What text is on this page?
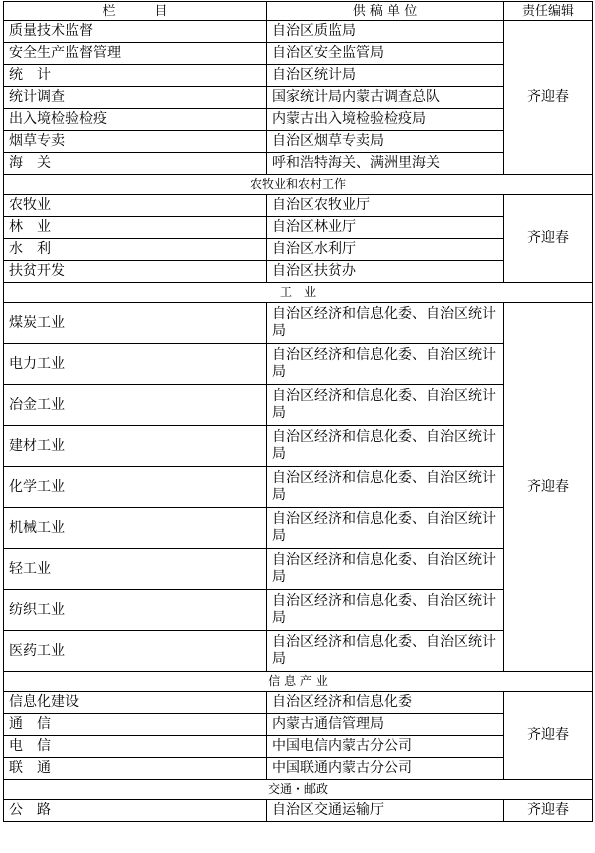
栏　　　目	供 稿 单 位	责任编辑
质量技术监督	自治区质监局	齐迎春
安全生产监督管理	自治区安全监管局	
统　计	自治区统计局	
统计调查	国家统计局内蒙古调查总队	
出入境检验检疫	内蒙古出入境检验检疫局	
烟草专卖	自治区烟草专卖局	
海　关	呼和浩特海关、满洲里海关	
农牧业和农村工作		
农牧业	自治区农牧业厅	齐迎春
林　业	自治区林业厅	
水　利	自治区水利厅	
扶贫开发	自治区扶贫办	
工　业		
煤炭工业	自治区经济和信息化委、自治区统计局	齐迎春
电力工业	自治区经济和信息化委、自治区统计局	
冶金工业	自治区经济和信息化委、自治区统计局	
建材工业	自治区经济和信息化委、自治区统计局	
化学工业	自治区经济和信息化委、自治区统计局	
机械工业	自治区经济和信息化委、自治区统计局	
轻工业	自治区经济和信息化委、自治区统计局	
纺织工业	自治区经济和信息化委、自治区统计局	
医药工业	自治区经济和信息化委、自治区统计局	
信 息 产 业		
信息化建设	自治区经济和信息化委	齐迎春
通　信	内蒙古通信管理局	
电　信	中国电信内蒙古分公司	
联　通	中国联通内蒙古分公司	
交通・邮政		
公　路	自治区交通运输厅	齐迎春
